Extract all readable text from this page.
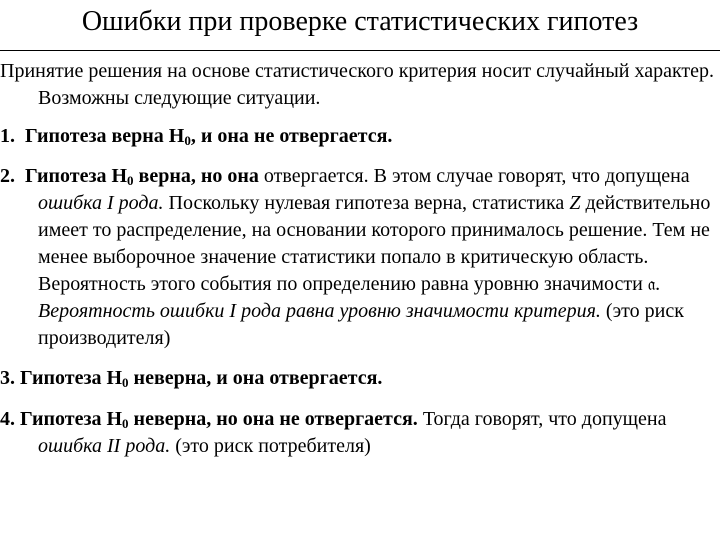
Ошибки при проверке статистических гипотез

Принятие решения на основе статистического критерия носит случайный характер. Возможны следующие ситуации.

1. Гипотеза верна $Н_0$, и она не отвергается.

2. Гипотеза $Н_0$ верна, но она отвергается. В этом случае говорят, что допущена ошибка I рода. Поскольку нулевая гипотеза верна, статистика Z действительно имеет то распределение, на основании которого принималось решение. Тем не менее выборочное значение статистики попало в критическую область. Вероятность этого события по определению равна уровню значимости 𝔞. Вероятность ошибки I рода равна уровню значимости критерия. (это риск производителя)

3. Гипотеза $Н_0$ неверна, и она отвергается.

4. Гипотеза $Н_0$ неверна, но она не отвергается. Тогда говорят, что допущена ошибка II рода. (это риск потребителя)
